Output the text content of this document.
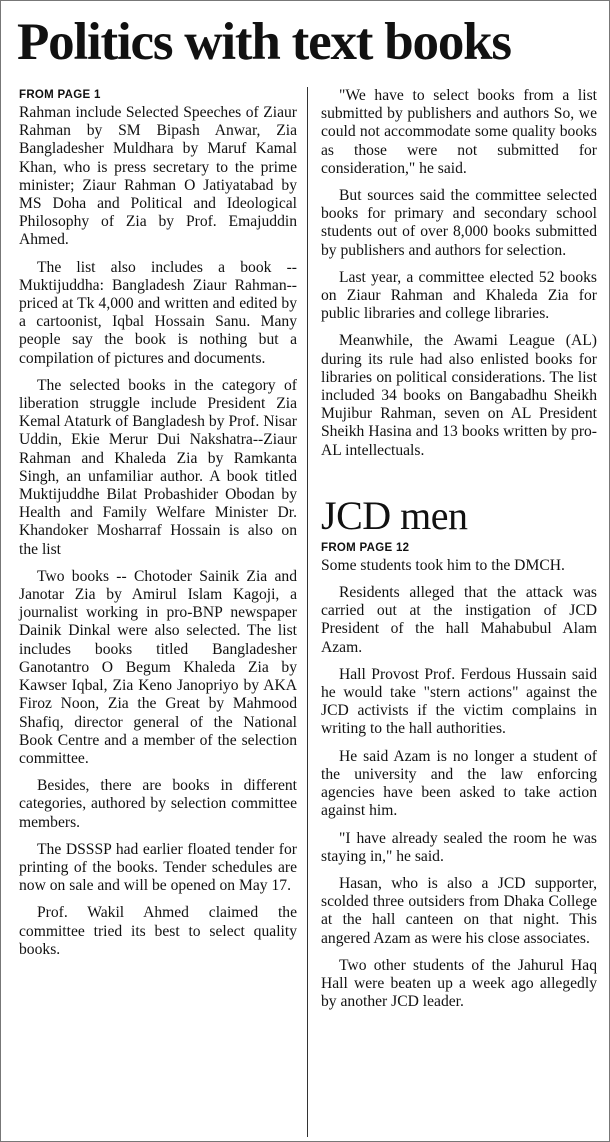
Politics with text books
FROM PAGE 1

Rahman include Selected Speeches of Ziaur Rahman by SM Bipash Anwar, Zia Bangladesher Muldhara by Maruf Kamal Khan, who is press secretary to the prime minister; Ziaur Rahman O Jatiyatabad by MS Doha and Political and Ideological Philosophy of Zia by Prof. Emajuddin Ahmed.

The list also includes a book -- Muktijuddha: Bangladesh Ziaur Rahman-- priced at Tk 4,000 and written and edited by a cartoonist, Iqbal Hossain Sanu. Many people say the book is nothing but a compilation of pictures and documents.

The selected books in the category of liberation struggle include President Zia Kemal Ataturk of Bangladesh by Prof. Nisar Uddin, Ekie Merur Dui Nakshatra--Ziaur Rahman and Khaleda Zia by Ramkanta Singh, an unfamiliar author. A book titled Muktijuddhe Bilat Probashider Obodan by Health and Family Welfare Minister Dr. Khandoker Mosharraf Hossain is also on the list

Two books -- Chotoder Sainik Zia and Janotar Zia by Amirul Islam Kagoji, a journalist working in pro-BNP newspaper Dainik Dinkal were also selected. The list includes books titled Bangladesher Ganotantro O Begum Khaleda Zia by Kawser Iqbal, Zia Keno Janopriyo by AKA Firoz Noon, Zia the Great by Mahmood Shafiq, director general of the National Book Centre and a member of the selection committee.

Besides, there are books in different categories, authored by selection committee members.

The DSSSP had earlier floated tender for printing of the books. Tender schedules are now on sale and will be opened on May 17.

Prof. Wakil Ahmed claimed the committee tried its best to select quality books.

"We have to select books from a list submitted by publishers and authors So, we could not accommodate some quality books as those were not submitted for consideration," he said.

But sources said the committee selected books for primary and secondary school students out of over 8,000 books submitted by publishers and authors for selection.

Last year, a committee elected 52 books on Ziaur Rahman and Khaleda Zia for public libraries and college libraries.

Meanwhile, the Awami League (AL) during its rule had also enlisted books for libraries on political considerations. The list included 34 books on Bangabadhu Sheikh Mujibur Rahman, seven on AL President Sheikh Hasina and 13 books written by pro-AL intellectuals.

JCD men
FROM PAGE 12

Some students took him to the DMCH.

Residents alleged that the attack was carried out at the instigation of JCD President of the hall Mahabubul Alam Azam.

Hall Provost Prof. Ferdous Hussain said he would take "stern actions" against the JCD activists if the victim complains in writing to the hall authorities.

He said Azam is no longer a student of the university and the law enforcing agencies have been asked to take action against him.

"I have already sealed the room he was staying in," he said.

Hasan, who is also a JCD supporter, scolded three outsiders from Dhaka College at the hall canteen on that night. This angered Azam as were his close associates.

Two other students of the Jahurul Haq Hall were beaten up a week ago allegedly by another JCD leader.
